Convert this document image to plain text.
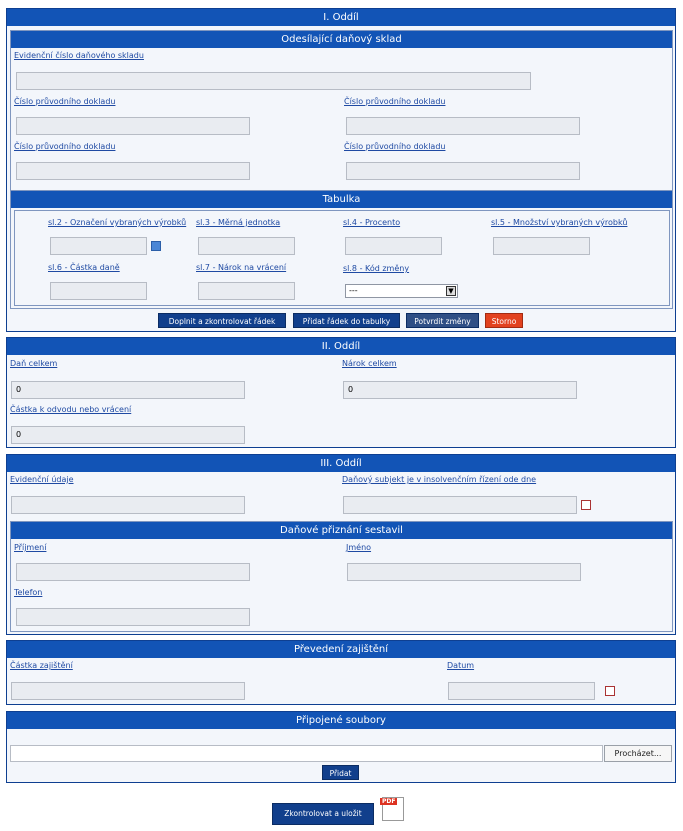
I. Oddíl
Odesílající daňový sklad
Evidenční číslo daňového skladu
Číslo průvodního dokladu	Číslo průvodního dokladu
Číslo průvodního dokladu	Číslo průvodního dokladu
Tabulka
sl.2 - Označení vybraných výrobků sl.3 - Měrná jednotka	sl.4 - Procento	sl.5 - Množství vybraných výrobků
sl.6 - Částka daně	sl.7 - Nárok na vrácení	sl.8 - Kód změny
---	▼
Doplnit a zkontrolovat řádek	Přidat řádek do tabulky	Potvrdit změny	Storno
II. Oddíl
Daň celkem	Nárok celkem
0	0
Částka k odvodu nebo vrácení
0
III. Oddíl
Evidenční údaje	Daňový subjekt je v insolvenčním řízení ode dne
Daňové přiznání sestavil
Příjmení	Jméno
Telefon
Převedení zajištění
Částka zajištění	Datum
Připojené soubory
Procházet...
Přidat
Zkontrolovat a uložit
PDF
